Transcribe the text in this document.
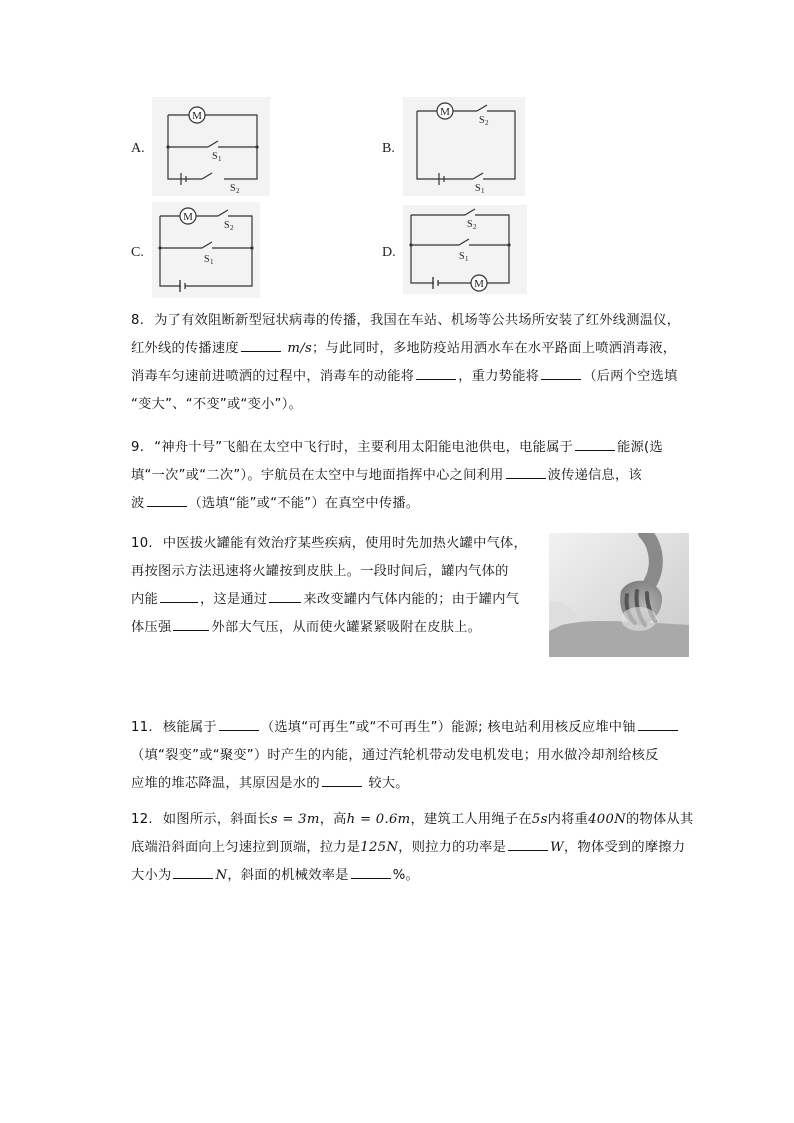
A.	B.
C.	D.
M
S 1
S 2
M
S 2
S 1
M
S 2
S 1
M
S 2
S 1
8. 为了有效阻断新型冠状病毒的传播，我国在车站、机场等公共场所安装了红外线测温仪，
红外线的传播速度	m/s；与此同时，多地防疫站用洒水车在水平路面上喷洒消毒液，
消毒车匀速前进喷洒的过程中，消毒车的动能将	，重力势能将	（后两个空选填
“变大”、“不变”或“变小”）。
9. “神舟十号”飞船在太空中飞行时，主要利用太阳能电池供电，电能属于	能源(选
填“一次”或“二次”）。宇航员在太空中与地面指挥中心之间利用	波传递信息，该
波	（选填“能”或“不能”）在真空中传播。
10. 中医拔火罐能有效治疗某些疾病，使用时先加热火罐中气体，
再按图示方法迅速将火罐按到皮肤上。一段时间后，罐内气体的
内能	，这是通过	来改变罐内气体内能的；由于罐内气
体压强	外部大气压，从而使火罐紧紧吸附在皮肤上。
11. 核能属于	（选填“可再生”或“不可再生”）能源; 核电站利用核反应堆中铀
（填“裂变”或“聚变”）时产生的内能，通过汽轮机带动发电机发电；用水做冷却剂给核反
应堆的堆芯降温，其原因是水的	较大。
12. 如图所示，斜面长s = 3m，高h = 0.6m，建筑工人用绳子在5s内将重400N的物体从其
底端沿斜面向上匀速拉到顶端，拉力是125N，则拉力的功率是	W，物体受到的摩擦力
大小为	N，斜面的机械效率是	%。
